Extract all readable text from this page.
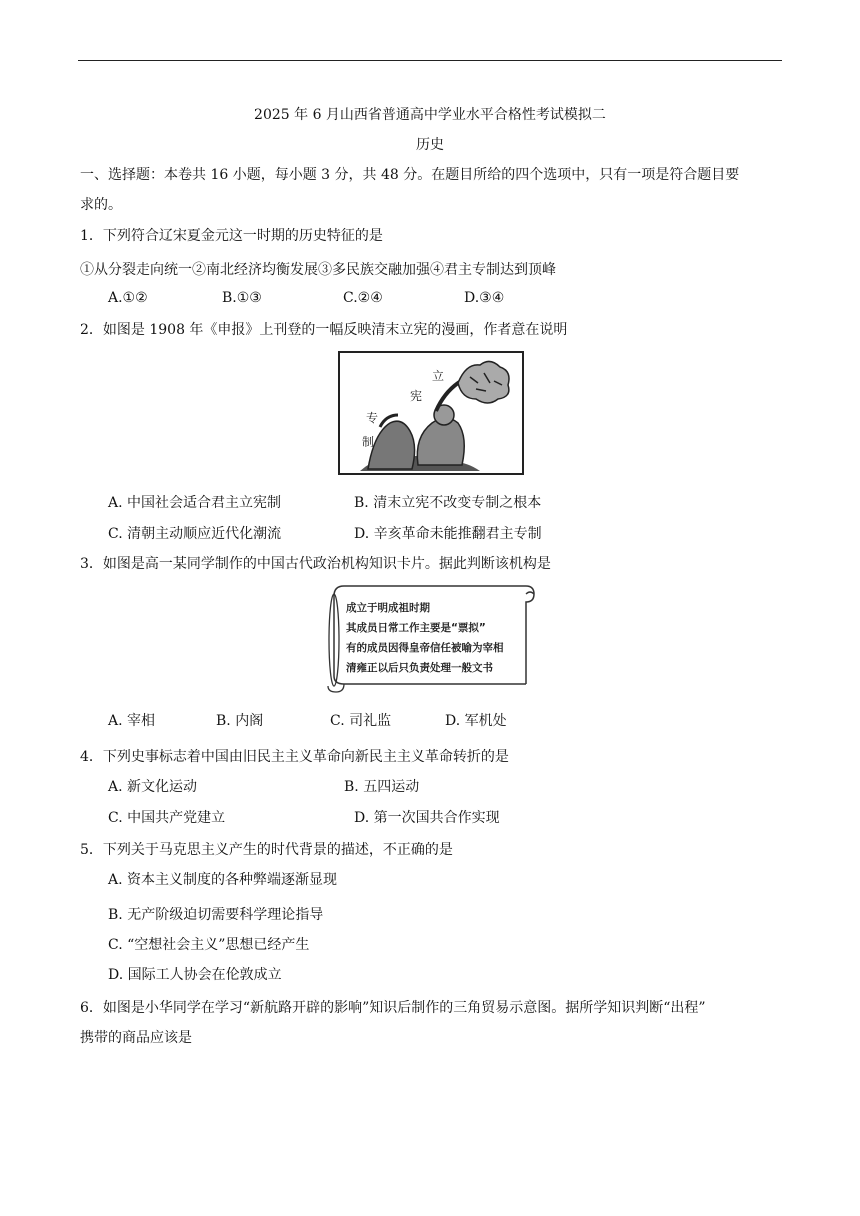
2025 年 6 月山西省普通高中学业水平合格性考试模拟二
历史
一、选择题：本卷共 16 小题，每小题 3 分，共 48 分。在题目所给的四个选项中，只有一项是符合题目要
求的。
1．下列符合辽宋夏金元这一时期的历史特征的是
①从分裂走向统一②南北经济均衡发展③多民族交融加强④君主专制达到顶峰
A.①②	B.①③	C.②④	D.③④
2．如图是 1908 年《申报》上刊登的一幅反映清末立宪的漫画，作者意在说明
立
宪
专
制
A. 中国社会适合君主立宪制	B. 清末立宪不改变专制之根本
C. 清朝主动顺应近代化潮流	D. 辛亥革命未能推翻君主专制
3．如图是高一某同学制作的中国古代政治机构知识卡片。据此判断该机构是
成立于明成祖时期
其成员日常工作主要是“票拟”
有的成员因得皇帝信任被喻为宰相
清雍正以后只负责处理一般文书
A. 宰相	B. 内阁	C. 司礼监	D. 军机处
4．下列史事标志着中国由旧民主主义革命向新民主主义革命转折的是
A. 新文化运动	B. 五四运动
C. 中国共产党建立	D. 第一次国共合作实现
5．下列关于马克思主义产生的时代背景的描述，不正确的是
A. 资本主义制度的各种弊端逐渐显现
B. 无产阶级迫切需要科学理论指导
C. “空想社会主义”思想已经产生
D. 国际工人协会在伦敦成立
6．如图是小华同学在学习“新航路开辟的影响”知识后制作的三角贸易示意图。据所学知识判断“出程”
携带的商品应该是
